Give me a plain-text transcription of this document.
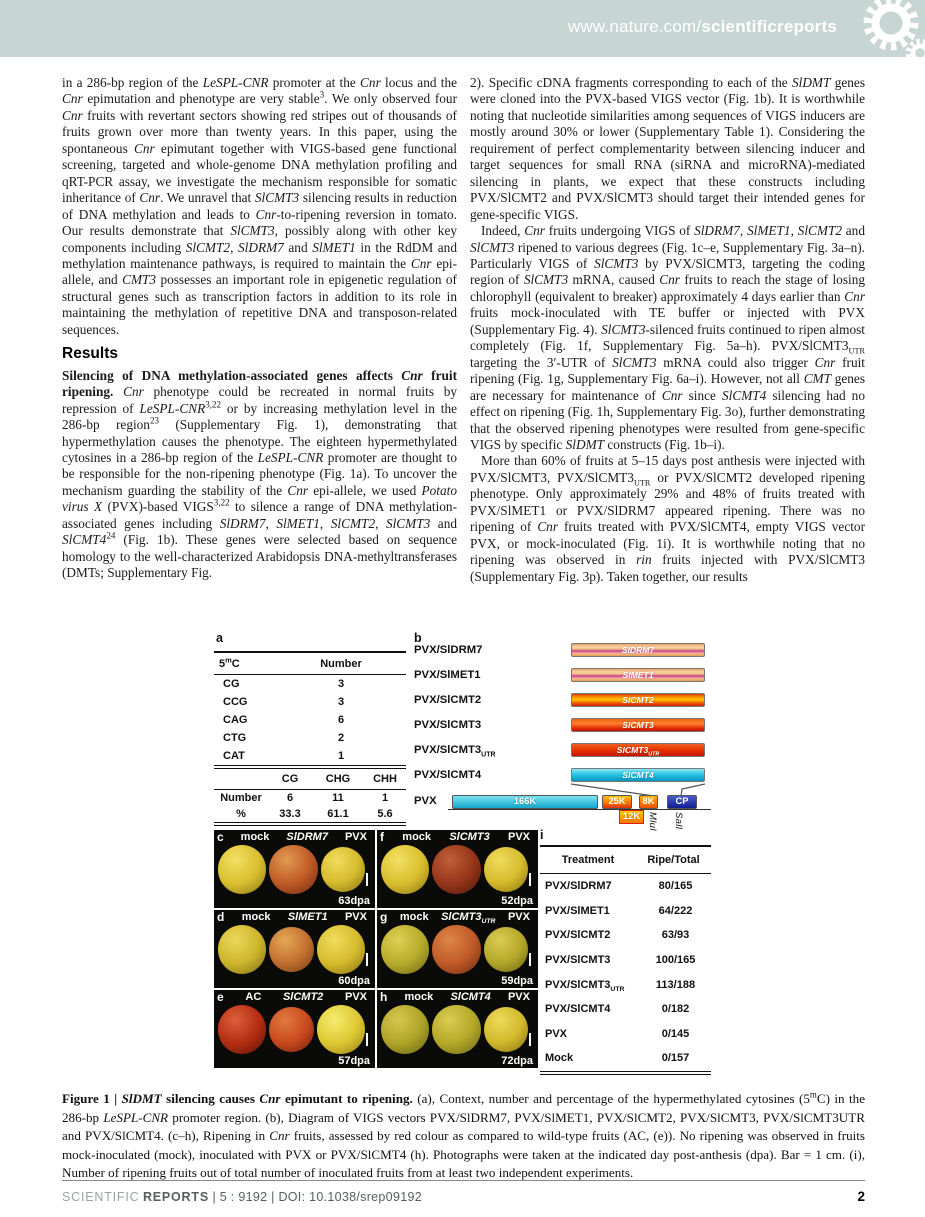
www.nature.com/scientificreports

in a 286-bp region of the LeSPL-CNR promoter at the Cnr locus and the Cnr epimutation and phenotype are very stable$^3$. We only observed four Cnr fruits with revertant sectors showing red stripes out of thousands of fruits grown over more than twenty years. In this paper, using the spontaneous Cnr epimutant together with VIGS-based gene functional screening, targeted and whole-genome DNA methylation profiling and qRT-PCR assay, we investigate the mechanism responsible for somatic inheritance of Cnr. We unravel that SlCMT3 silencing results in reduction of DNA methylation and leads to Cnr-to-ripening reversion in tomato. Our results demonstrate that SlCMT3, possibly along with other key components including SlCMT2, SlDRM7 and SlMET1 in the RdDM and methylation maintenance pathways, is required to maintain the Cnr epi-allele, and CMT3 possesses an important role in epigenetic regulation of structural genes such as transcription factors in addition to its role in maintaining the methylation of repetitive DNA and transposon-related sequences.

Results

Silencing of DNA methylation-associated genes affects Cnr fruit ripening. Cnr phenotype could be recreated in normal fruits by repression of LeSPL-CNR$^{3,22}$ or by increasing methylation level in the 286-bp region$^{23}$ (Supplementary Fig. 1), demonstrating that hypermethylation causes the phenotype. The eighteen hypermethylated cytosines in a 286-bp region of the LeSPL-CNR promoter are thought to be responsible for the non-ripening phenotype (Fig. 1a). To uncover the mechanism guarding the stability of the Cnr epi-allele, we used Potato virus X (PVX)-based VIGS$^{3,22}$ to silence a range of DNA methylation-associated genes including SlDRM7, SlMET1, SlCMT2, SlCMT3 and $SlCMT4^{24}$ (Fig. 1b). These genes were selected based on sequence homology to the well-characterized Arabidopsis DNA-methyltransferases (DMTs; Supplementary Fig.

2). Specific cDNA fragments corresponding to each of the SlDMT genes were cloned into the PVX-based VIGS vector (Fig. 1b). It is worthwhile noting that nucleotide similarities among sequences of VIGS inducers are mostly around 30% or lower (Supplementary Table 1). Considering the requirement of perfect complementarity between silencing inducer and target sequences for small RNA (siRNA and microRNA)-mediated silencing in plants, we expect that these constructs including PVX/SlCMT2 and PVX/SlCMT3 should target their intended genes for gene-specific VIGS.

Indeed, Cnr fruits undergoing VIGS of SlDRM7, SlMET1, SlCMT2 and SlCMT3 ripened to various degrees (Fig. 1c–e, Supplementary Fig. 3a–n). Particularly VIGS of SlCMT3 by PVX/SlCMT3, targeting the coding region of SlCMT3 mRNA, caused Cnr fruits to reach the stage of losing chlorophyll (equivalent to breaker) approximately 4 days earlier than Cnr fruits mock-inoculated with TE buffer or injected with PVX (Supplementary Fig. 4). SlCMT3-silenced fruits continued to ripen almost completely (Fig. 1f, Supplementary Fig. 5a–h). PVX/$SlCMT3_{UTR}$ targeting the 3′-UTR of SlCMT3 mRNA could also trigger Cnr fruit ripening (Fig. 1g, Supplementary Fig. 6a–i). However, not all CMT genes are necessary for maintenance of Cnr since SlCMT4 silencing had no effect on ripening (Fig. 1h, Supplementary Fig. 3o), further demonstrating that the observed ripening phenotypes were resulted from gene-specific VIGS by specific SlDMT constructs (Fig. 1b–i).

More than 60% of fruits at 5–15 days post anthesis were injected with PVX/SlCMT3, PVX/$SlCMT3_{UTR}$ or PVX/SlCMT2 developed ripening phenotype. Only approximately 29% and 48% of fruits treated with PVX/SlMET1 or PVX/SlDRM7 appeared ripening. There was no ripening of Cnr fruits treated with PVX/SlCMT4, empty VIGS vector PVX, or mock-inoculated (Fig. 1i). It is worthwhile noting that no ripening was observed in rin fruits injected with PVX/SlCMT3 (Supplementary Fig. 3p). Taken together, our results

a
5$^m$C	Number
CG	3
CCG	3
CAG	6
CTG	2
CAT	1
CG	CHG	CHH
Number	6	11	1
%	33.3	61.1	5.6
b
PVX/SlDRM7	SlDRM7
PVX/SlMET1	SlMET1
PVX/SlCMT2	SlCMT2
PVX/SlCMT3	SlCMT3
PVX/$SlCMT3_{UTR}$
$SlCMT3_{UTR}$
PVX/SlCMT4	SlCMT4
PVX	166K	25K 8K CP
12K MluI SalI
c mock SlDRM7 PVX
63dpa
f mock SlCMT3 PVX
52dpa
d mock SlMET1 PVX
60dpa
g mock $SlCMT3_{UTR}$ PVX
59dpa
e AC SlCMT2 PVX
57dpa
h mock SlCMT4 PVX
72dpa
i
Treatment	Ripe/Total
PVX/SlDRM7	80/165
PVX/SlMET1	64/222
PVX/SlCMT2	63/93
PVX/SlCMT3	100/165
PVX/$SlCMT3_{UTR}$	113/188
PVX/SlCMT4	0/182
PVX	0/145
Mock	0/157
Figure 1 | SlDMT silencing causes Cnr epimutant to ripening. (a), Context, number and percentage of the hypermethylated cytosines (5$^m$C) in the 286-bp LeSPL-CNR promoter region. (b), Diagram of VIGS vectors PVX/SlDRM7, PVX/SlMET1, PVX/SlCMT2, PVX/SlCMT3, PVX/SlCMT3UTR and PVX/SlCMT4. (c–h), Ripening in Cnr fruits, assessed by red colour as compared to wild-type fruits (AC, (e)). No ripening was observed in fruits mock-inoculated (mock), inoculated with PVX or PVX/SlCMT4 (h). Photographs were taken at the indicated day post-anthesis (dpa). Bar = 1 cm. (i), Number of ripening fruits out of total number of inoculated fruits from at least two independent experiments.
SCIENTIFIC REPORTS | 5 : 9192 | DOI: 10.1038/srep09192	2
